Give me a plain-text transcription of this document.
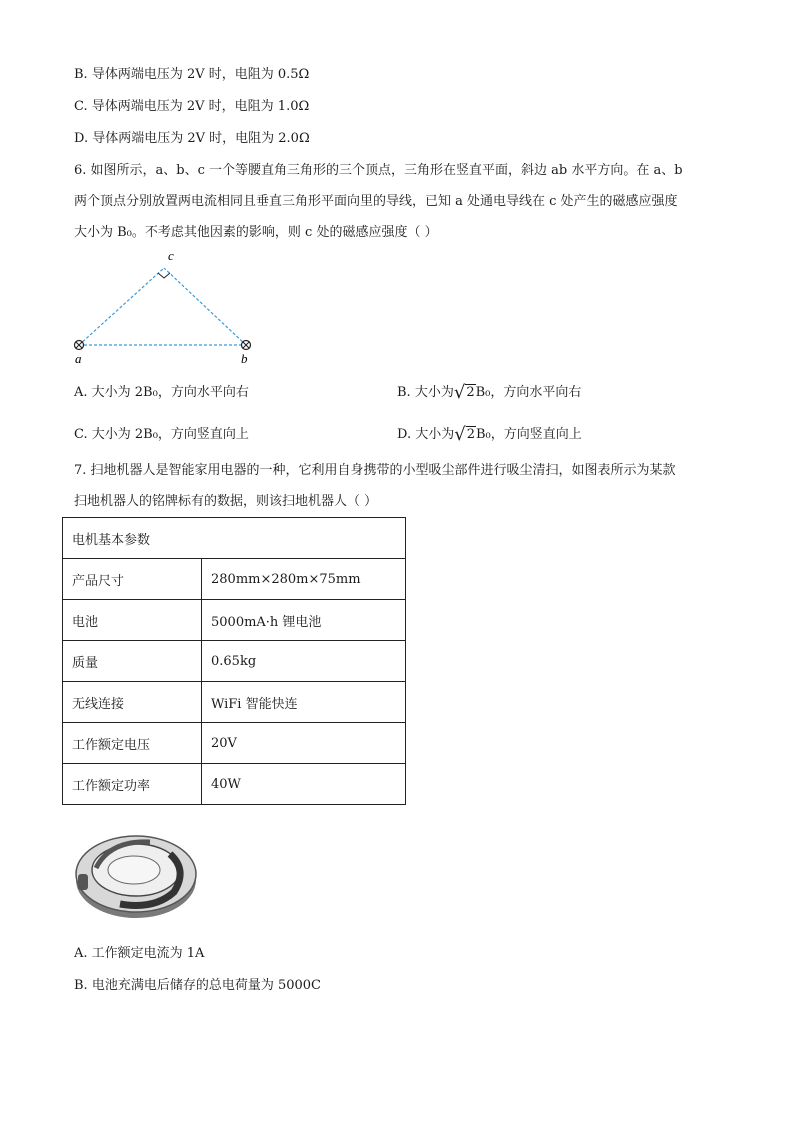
B. 导体两端电压为 2V 时，电阻为 0.5Ω
C. 导体两端电压为 2V 时，电阻为 1.0Ω
D. 导体两端电压为 2V 时，电阻为 2.0Ω
6. 如图所示，a、b、c 一个等腰直角三角形的三个顶点，三角形在竖直平面，斜边 ab 水平方向。在 a、b
两个顶点分别放置两电流相同且垂直三角形平面向里的导线，已知 a 处通电导线在 c 处产生的磁感应强度
大小为 B₀。不考虑其他因素的影响，则 c 处的磁感应强度（ ）
a	b
c
A. 大小为 2B₀，方向水平向右	B. 大小为√2B₀，方向水平向右
C. 大小为 2B₀，方向竖直向上	D. 大小为√2B₀，方向竖直向上
7. 扫地机器人是智能家用电器的一种，它利用自身携带的小型吸尘部件进行吸尘清扫，如图表所示为某款
扫地机器人的铭牌标有的数据，则该扫地机器人（ ）
电机基本参数	
产品尺寸	280mm×280m×75mm
电池	5000mA·h 锂电池
质量	0.65kg
无线连接	WiFi 智能快连
工作额定电压	20V
工作额定功率	40W
A. 工作额定电流为 1A
B. 电池充满电后储存的总电荷量为 5000C
